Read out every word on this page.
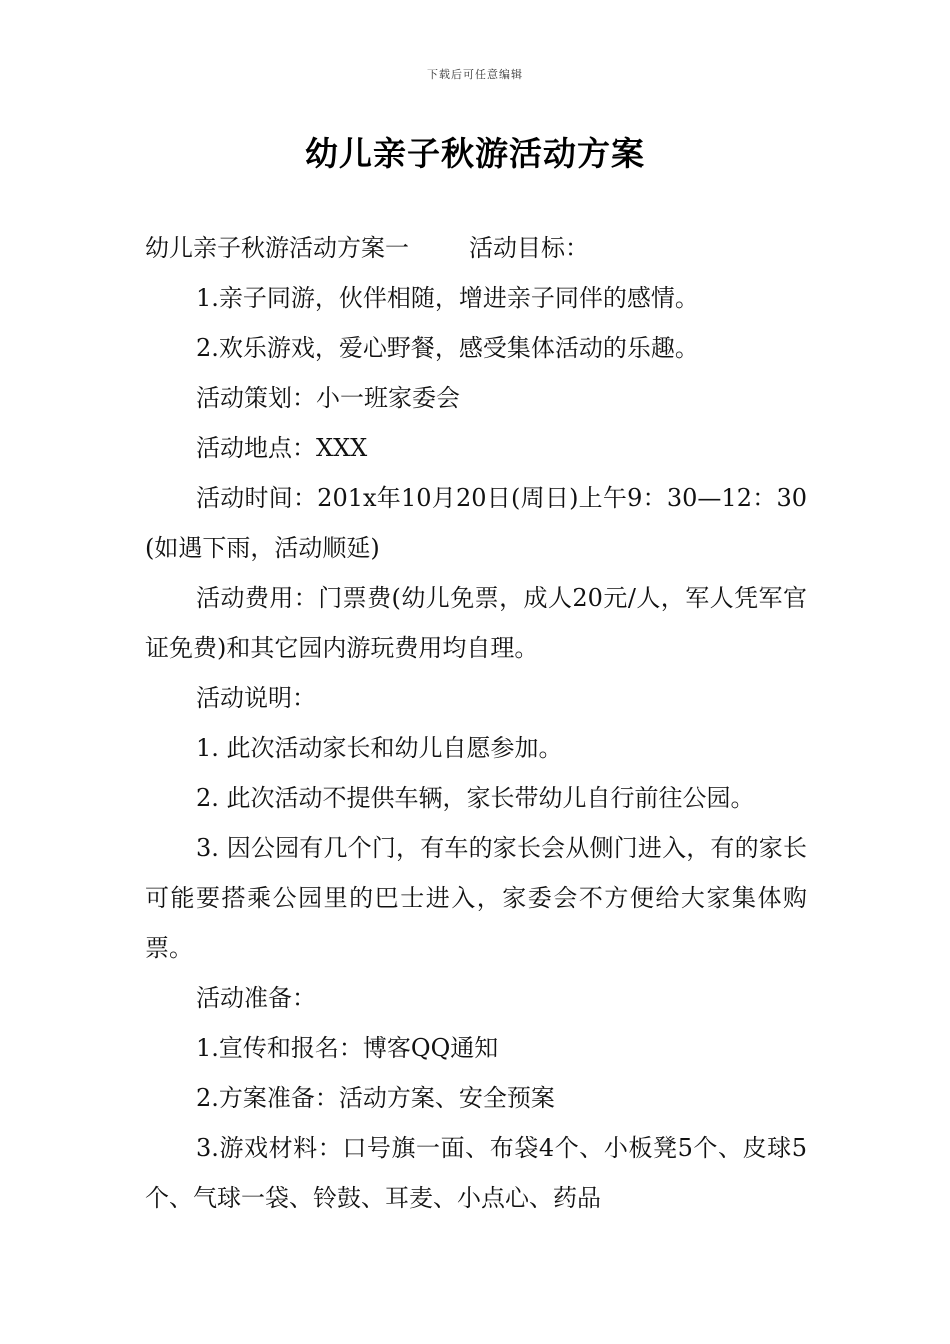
下载后可任意编辑
幼儿亲子秋游活动方案

幼儿亲子秋游活动方案一	活动目标：

1.亲子同游，伙伴相随，增进亲子同伴的感情。

2.欢乐游戏，爱心野餐，感受集体活动的乐趣。

活动策划：小一班家委会

活动地点：XXX

活动时间：201x年10月20日(周日)上午9：30—12：30(如遇下雨，活动顺延)

活动费用：门票费(幼儿免票，成人20元/人，军人凭军官证免费)和其它园内游玩费用均自理。

活动说明：

1. 此次活动家长和幼儿自愿参加。

2. 此次活动不提供车辆，家长带幼儿自行前往公园。

3. 因公园有几个门，有车的家长会从侧门进入，有的家长可能要搭乘公园里的巴士进入，家委会不方便给大家集体购票。

活动准备：

1.宣传和报名：博客QQ通知

2.方案准备：活动方案、安全预案

3.游戏材料：口号旗一面、布袋4个、小板凳5个、皮球5个、气球一袋、铃鼓、耳麦、小点心、药品
